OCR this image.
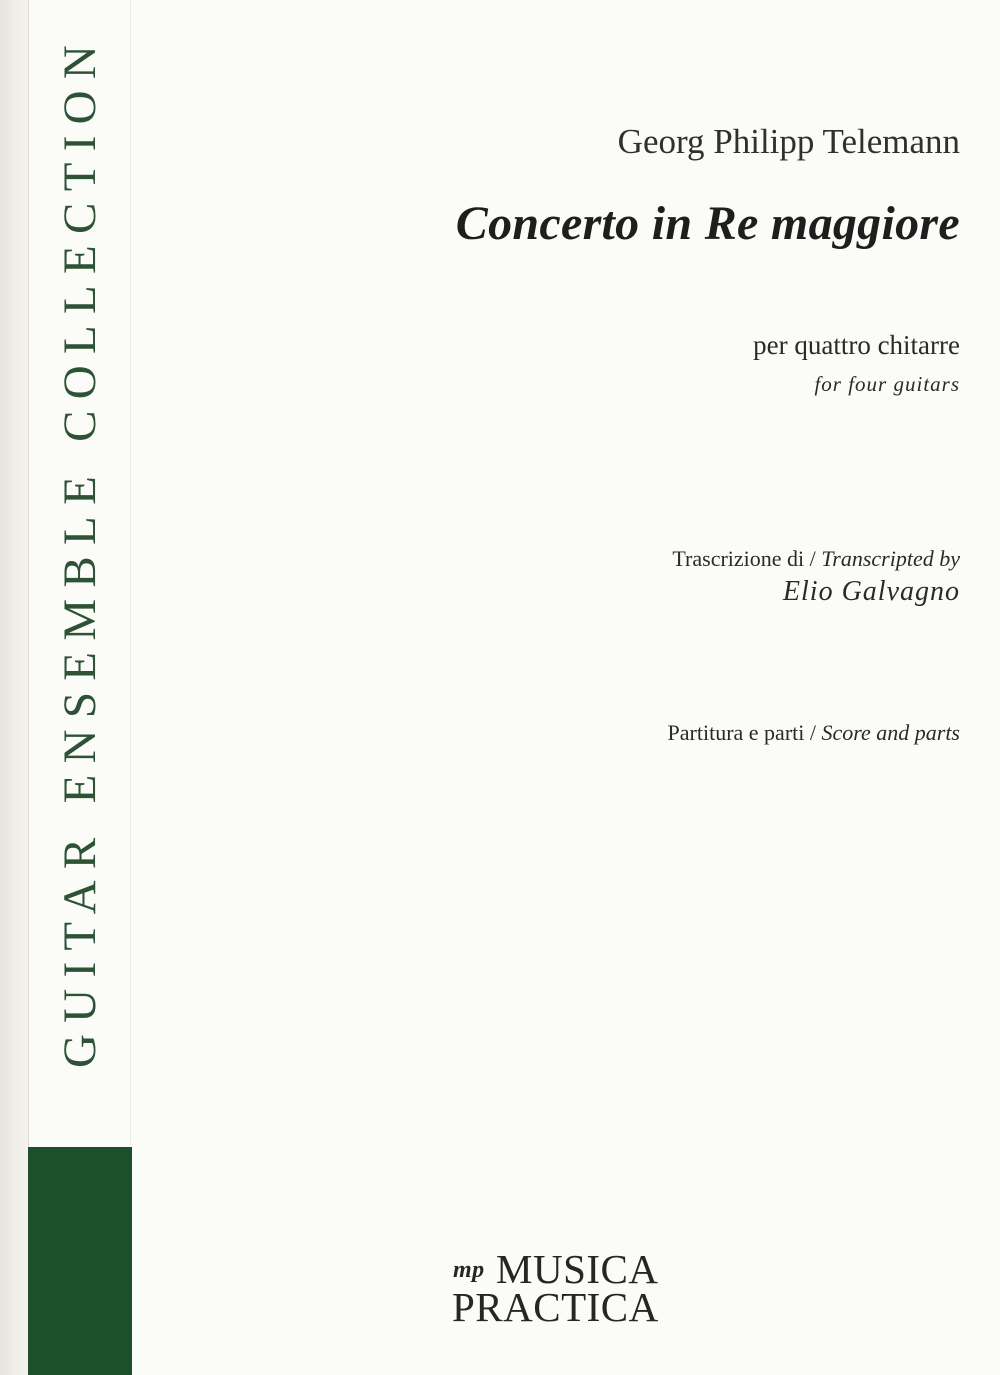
GUITAR ENSEMBLE COLLECTION	Georg Philipp Telemann
Concerto in Re maggiore
per quattro chitarre
for four guitars
Trascrizione di / Transcripted by
Elio Galvagno
Partitura e parti / Score and parts
mp MUSICA
PRACTICA
